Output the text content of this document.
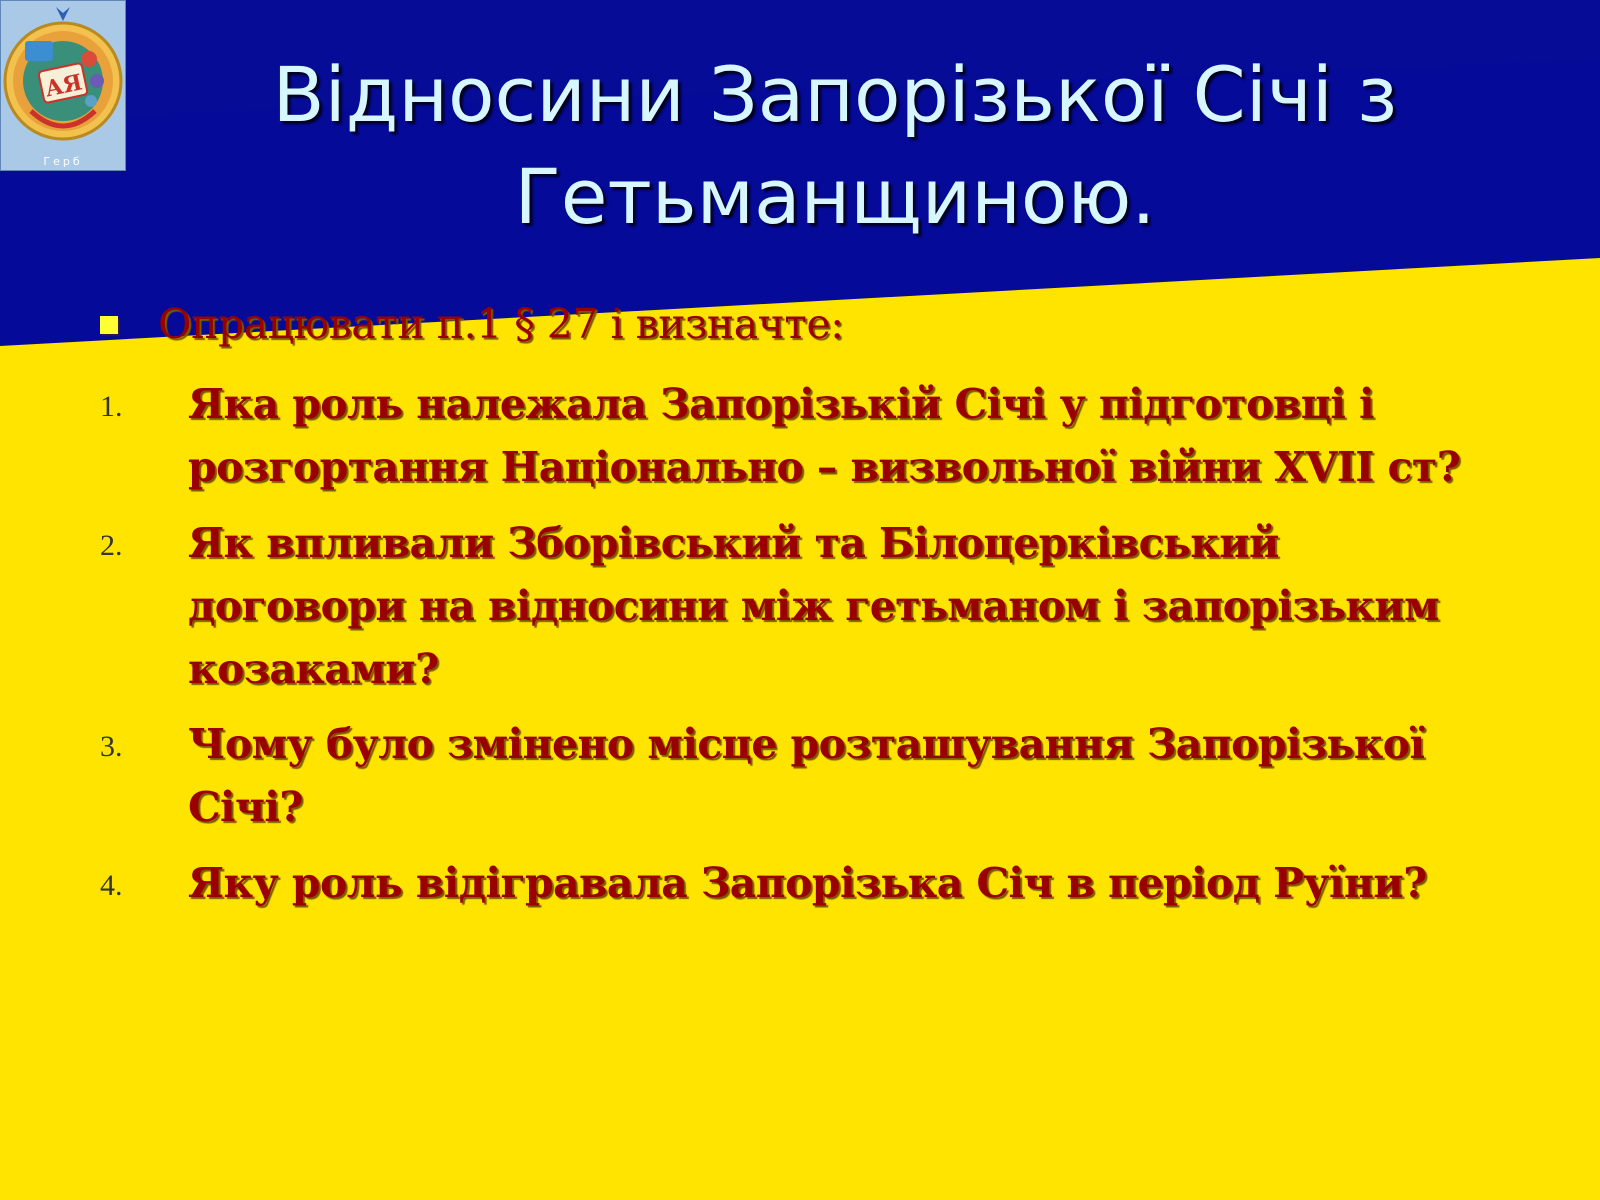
АЯ
Герб
Відносини Запорізької Січі з
Гетьманщиною.
Опрацювати п.1 § 27 і визначте:
1. Яка роль належала Запорізькій Січі у підготовці і
розгортання Національно – визвольної війни XVII ст?
2. Як впливали Зборівський та Білоцерківський
договори на відносини між гетьманом і запорізьким
козаками?
3. Чому було змінено місце розташування Запорізької
Січі?
4. Яку роль відігравала Запорізька Січ в період Руїни?
